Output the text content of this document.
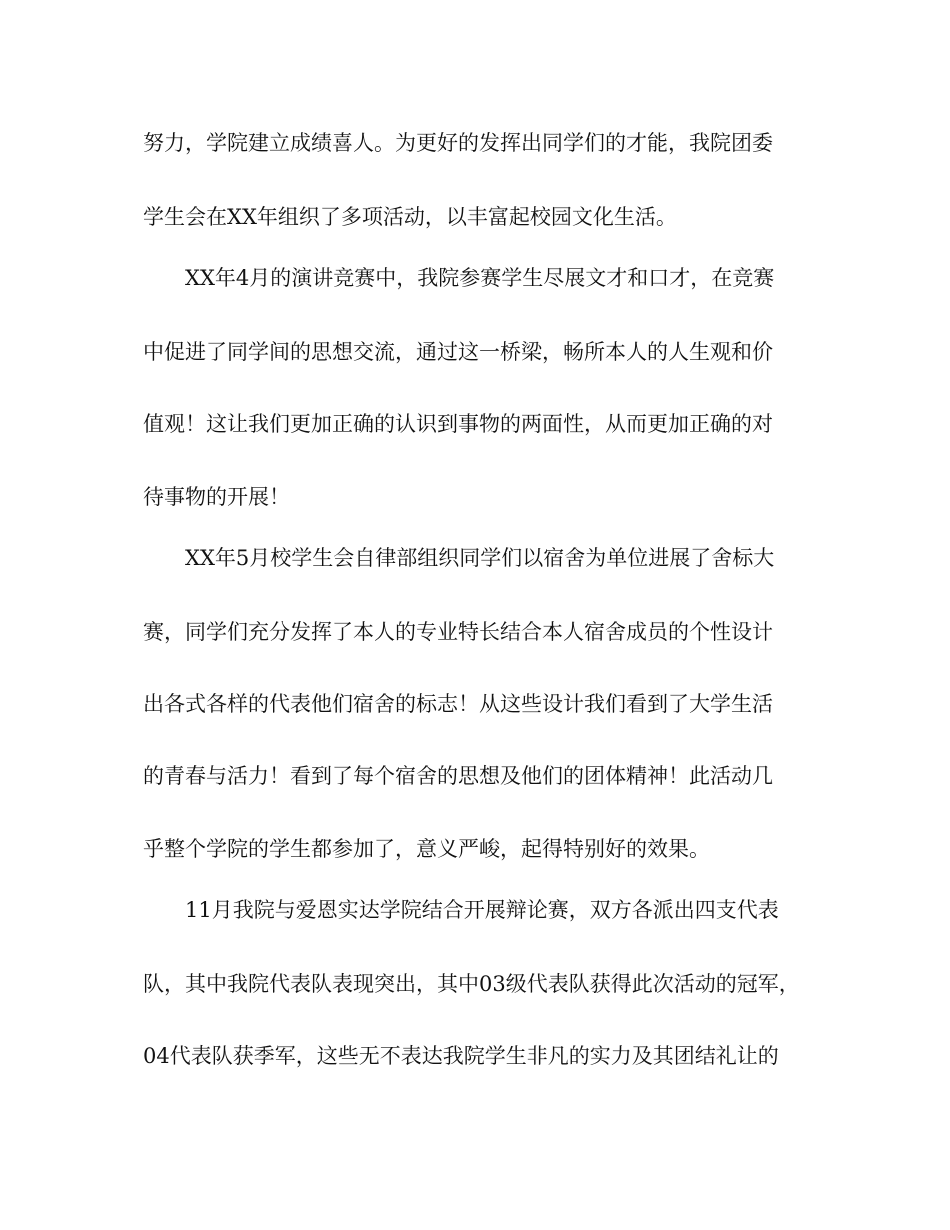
努力，学院建立成绩喜人。为更好的发挥出同学们的才能，我院团委

学生会在XX年组织了多项活动，以丰富起校园文化生活。

XX年4月的演讲竞赛中，我院参赛学生尽展文才和口才，在竞赛

中促进了同学间的思想交流，通过这一桥梁，畅所本人的人生观和价

值观！这让我们更加正确的认识到事物的两面性，从而更加正确的对

待事物的开展！

XX年5月校学生会自律部组织同学们以宿舍为单位进展了舍标大

赛，同学们充分发挥了本人的专业特长结合本人宿舍成员的个性设计

出各式各样的代表他们宿舍的标志！从这些设计我们看到了大学生活

的青春与活力！看到了每个宿舍的思想及他们的团体精神！此活动几

乎整个学院的学生都参加了，意义严峻，起得特别好的效果。

11月我院与爱恩实达学院结合开展辩论赛，双方各派出四支代表

队，其中我院代表队表现突出，其中03级代表队获得此次活动的冠军，

04代表队获季军，这些无不表达我院学生非凡的实力及其团结礼让的
